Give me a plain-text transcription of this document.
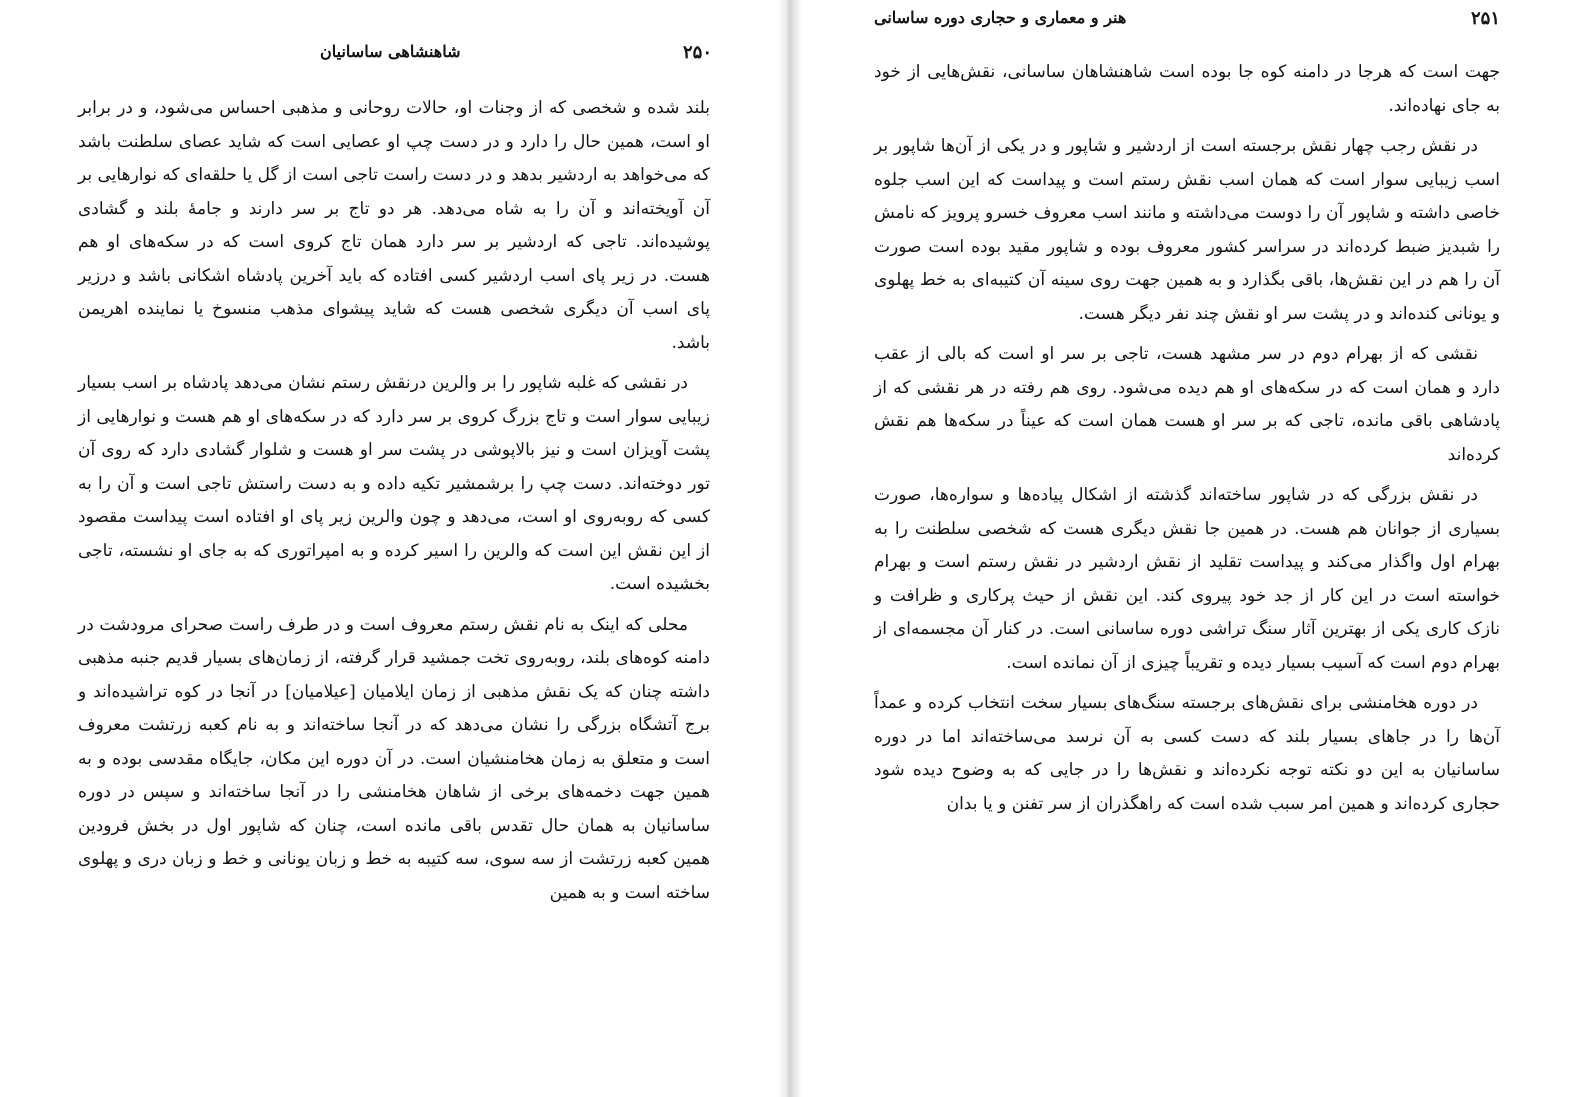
شاهنشاهی ساسانیان	۲۵۰

بلند شده و شخصی که از وجنات او، حالات روحانی و مذهبی احساس می‌شود، و در برابر او است، همین حال را دارد و در دست چپ او عصایی است که شاید عصای سلطنت باشد که می‌خواهد به اردشیر بدهد و در دست راست تاجی است از گل یا حلقه‌ای که نوارهایی بر آن آویخته‌اند و آن را به شاه می‌دهد. هر دو تاج بر سر دارند و جامهٔ بلند و گشادی پوشیده‌اند. تاجی که اردشیر بر سر دارد همان تاج کروی است که در سکه‌های او هم هست. در زیر پای اسب اردشیر کسی افتاده که باید آخرین پادشاه اشکانی باشد و درزیر پای اسب آن دیگری شخصی هست که شاید پیشوای مذهب منسوخ یا نماینده اهریمن باشد.

در نقشی که غلبه شاپور را بر والرین درنقش رستم نشان می‌دهد پادشاه بر اسب بسیار زیبایی سوار است و تاج بزرگ کروی بر سر دارد که در سکه‌های او هم هست و نوارهایی از پشت آویزان است و نیز بالاپوشی در پشت سر او هست و شلوار گشادی دارد که روی آن تور دوخته‌اند. دست چپ را برشمشیر تکیه داده و به دست راستش تاجی است و آن را به کسی که روبه‌روی او است، می‌دهد و چون والرین زیر پای او افتاده است پیداست مقصود از این نقش این است که والرین را اسیر کرده و به امپراتوری که به جای او نشسته، تاجی بخشیده است.

محلی که اینک به نام نقش رستم معروف است و در طرف راست صحرای مرودشت در دامنه کوه‌های بلند، روبه‌روی تخت جمشید قرار گرفته، از زمان‌های بسیار قدیم جنبه مذهبی داشته چنان که یک نقش مذهبی از زمان ایلامیان [عیلامیان] در آنجا در کوه تراشیده‌اند و برج آتشگاه بزرگی را نشان می‌دهد که در آنجا ساخته‌اند و به نام کعبه زرتشت معروف است و متعلق به زمان هخامنشیان است. در آن دوره این مکان، جایگاه مقدسی بوده و به همین جهت دخمه‌های برخی از شاهان هخامنشی را در آنجا ساخته‌اند و سپس در دوره ساسانیان به همان حال تقدس باقی مانده است، چنان که شاپور اول در بخش فرودین همین کعبه زرتشت از سه سوی، سه کتیبه به خط و زبان یونانی و خط و زبان دری و پهلوی ساخته است و به همین

۲۵۱
هنر و معماری و حجاری دوره ساسانی

جهت است که هرجا در دامنه کوه جا بوده است شاهنشاهان ساسانی، نقش‌هایی از خود به جای نهاده‌اند.

در نقش رجب چهار نقش برجسته است از اردشیر و شاپور و در یکی از آن‌ها شاپور بر اسب زیبایی سوار است که همان اسب نقش رستم است و پیداست که این اسب جلوه خاصی داشته و شاپور آن را دوست می‌داشته و مانند اسب معروف خسرو پرویز که نامش را شبدیز ضبط کرده‌اند در سراسر کشور معروف بوده و شاپور مقید بوده است صورت آن را هم در این نقش‌ها، باقی بگذارد و به همین جهت روی سینه آن کتیبه‌ای به خط پهلوی و یونانی کنده‌اند و در پشت سر او نقش چند نفر دیگر هست.

نقشی که از بهرام دوم در سر مشهد هست، تاجی بر سر او است که بالی از عقب دارد و همان است که در سکه‌های او هم دیده می‌شود. روی هم رفته در هر نقشی که از پادشاهی باقی مانده، تاجی که بر سر او هست همان است که عیناً در سکه‌ها هم نقش کرده‌اند

در نقش بزرگی که در شاپور ساخته‌اند گذشته از اشکال پیاده‌ها و سواره‌ها، صورت بسیاری از جوانان هم هست. در همین جا نقش دیگری هست که شخصی سلطنت را به بهرام اول واگذار می‌کند و پیداست تقلید از نقش اردشیر در نقش رستم است و بهرام خواسته است در این کار از جد خود پیروی کند. این نقش از حیث پرکاری و ظرافت و نازک کاری یکی از بهترین آثار سنگ تراشی دوره ساسانی است. در کنار آن مجسمه‌ای از بهرام دوم است که آسیب بسیار دیده و تقریباً چیزی از آن نمانده است.

در دوره هخامنشی برای نقش‌های برجسته سنگ‌های بسیار سخت انتخاب کرده و عمداً آن‌ها را در جاهای بسیار بلند که دست کسی به آن نرسد می‌ساخته‌اند اما در دوره ساسانیان به این دو نکته توجه نکرده‌اند و نقش‌ها را در جایی که به وضوح دیده شود حجاری کرده‌اند و همین امر سبب شده است که راهگذران از سر تفنن و یا بدان
